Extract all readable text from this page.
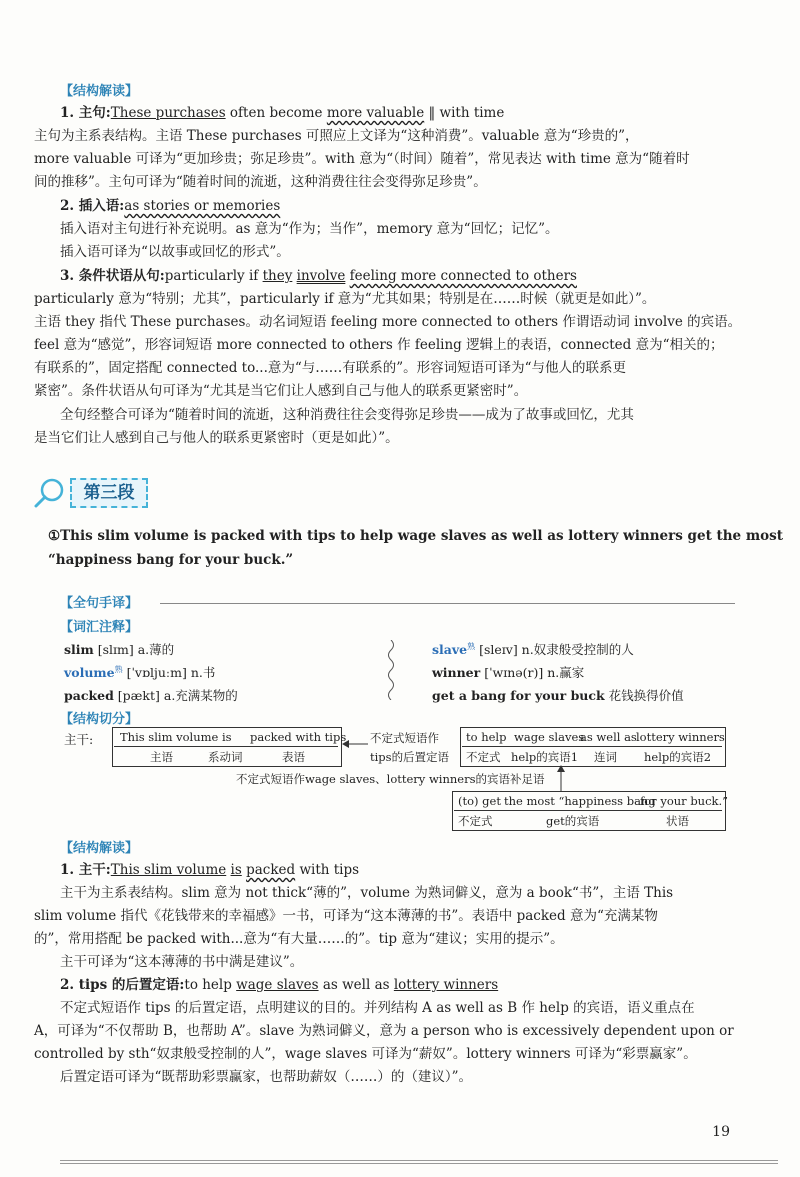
【结构解读】
1. 主句:These purchases often become more valuable ‖ with time
主句为主系表结构。主语 These purchases 可照应上文译为“这种消费”。valuable 意为“珍贵的”，
more valuable 可译为“更加珍贵；弥足珍贵”。with 意为“（时间）随着”，常见表达 with time 意为“随着时
间的推移”。主句可译为“随着时间的流逝，这种消费往往会变得弥足珍贵”。
2. 插入语:as stories or memories
插入语对主句进行补充说明。as 意为“作为；当作”，memory 意为“回忆；记忆”。
插入语可译为“以故事或回忆的形式”。
3. 条件状语从句:particularly if they involve feeling more connected to others
particularly 意为“特别；尤其”，particularly if 意为“尤其如果；特别是在……时候（就更是如此）”。
主语 they 指代 These purchases。动名词短语 feeling more connected to others 作谓语动词 involve 的宾语。
feel 意为“感觉”，形容词短语 more connected to others 作 feeling 逻辑上的表语，connected 意为“相关的；
有联系的”，固定搭配 connected to...意为“与……有联系的”。形容词短语可译为“与他人的联系更
紧密”。条件状语从句可译为“尤其是当它们让人感到自己与他人的联系更紧密时”。
全句经整合可译为“随着时间的流逝，这种消费往往会变得弥足珍贵——成为了故事或回忆，尤其
是当它们让人感到自己与他人的联系更紧密时（更是如此）”。
第三段
①This slim volume is packed with tips to help wage slaves as well as lottery winners get the most
“happiness bang for your buck.”
【全句手译】
【词汇注释】
slim [slɪm] a.薄的
volume$^熟$ [ˈvɒljuːm] n.书
packed [pækt] a.充满某物的
slave$^熟$ [sleɪv] n.奴隶般受控制的人
winner [ˈwɪnə(r)] n.赢家
get a bang for your buck 花钱换得价值
【结构切分】
主干: This slim volume is packed with tips
主语	系动词	表语
不定式短语作
tips的后置定语
to help wage slaves
as well as lottery winners
不定式 help的宾语1 连词 help的宾语2
不定式短语作wage slaves、lottery winners的宾语补足语
(to) get the most “happiness bang
for your buck.”
不定式	get的宾语	状语
【结构解读】
1. 主干:This slim volume is packed with tips
主干为主系表结构。slim 意为 not thick“薄的”，volume 为熟词僻义，意为 a book“书”，主语 This
slim volume 指代《花钱带来的幸福感》一书，可译为“这本薄薄的书”。表语中 packed 意为“充满某物
的”，常用搭配 be packed with...意为“有大量……的”。tip 意为“建议；实用的提示”。
主干可译为“这本薄薄的书中满是建议”。
2. tips 的后置定语:to help wage slaves as well as lottery winners
不定式短语作 tips 的后置定语，点明建议的目的。并列结构 A as well as B 作 help 的宾语，语义重点在
A，可译为“不仅帮助 B，也帮助 A”。slave 为熟词僻义，意为 a person who is excessively dependent upon or
controlled by sth“奴隶般受控制的人”，wage slaves 可译为“薪奴”。lottery winners 可译为“彩票赢家”。
后置定语可译为“既帮助彩票赢家，也帮助薪奴（……）的（建议）”。
19
